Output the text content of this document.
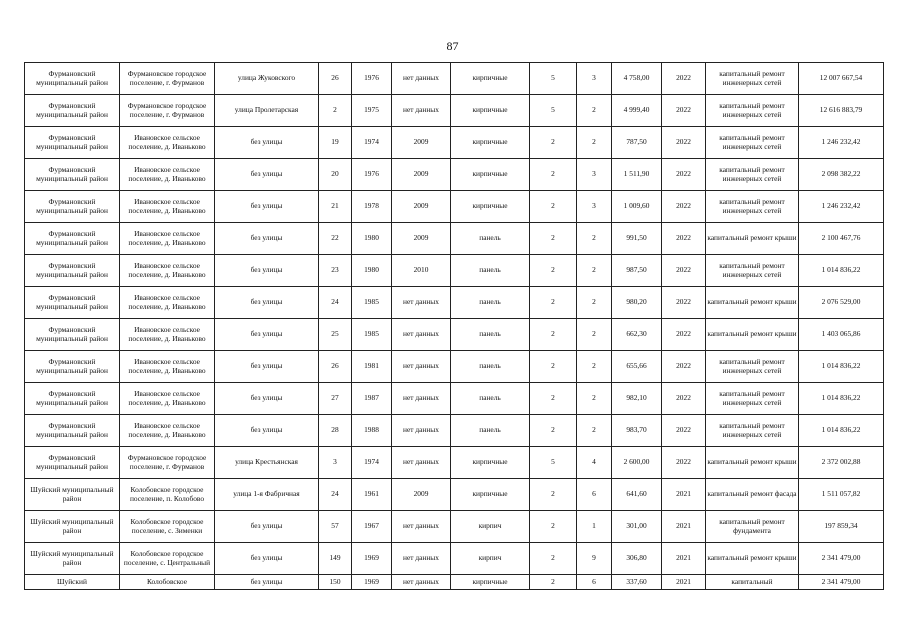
87
Фурмановский муниципальный район	Фурмановское городское поселение, г. Фурманов	улица Жуковского	26	1976	нет данных	кирпичные	5	3	4 758,00	2022	капитальный ремонт инженерных сетей	12 007 667,54
Фурмановский муниципальный район	Фурмановское городское поселение, г. Фурманов	улица Пролетарская	2	1975	нет данных	кирпичные	5	2	4 999,40	2022	капитальный ремонт инженерных сетей	12 616 883,79
Фурмановский муниципальный район	Ивановское сельское поселение, д. Иваньково	без улицы	19	1974	2009	кирпичные	2	2	787,50	2022	капитальный ремонт инженерных сетей	1 246 232,42
Фурмановский муниципальный район	Ивановское сельское поселение, д. Иваньково	без улицы	20	1976	2009	кирпичные	2	3	1 511,90	2022	капитальный ремонт инженерных сетей	2 098 382,22
Фурмановский муниципальный район	Ивановское сельское поселение, д. Иваньково	без улицы	21	1978	2009	кирпичные	2	3	1 009,60	2022	капитальный ремонт инженерных сетей	1 246 232,42
Фурмановский муниципальный район	Ивановское сельское поселение, д. Иваньково	без улицы	22	1980	2009	панель	2	2	991,50	2022	капитальный ремонт крыши	2 100 467,76
Фурмановский муниципальный район	Ивановское сельское поселение, д. Иваньково	без улицы	23	1980	2010	панель	2	2	987,50	2022	капитальный ремонт инженерных сетей	1 014 836,22
Фурмановский муниципальный район	Ивановское сельское поселение, д. Иваньково	без улицы	24	1985	нет данных	панель	2	2	980,20	2022	капитальный ремонт крыши	2 076 529,00
Фурмановский муниципальный район	Ивановское сельское поселение, д. Иваньково	без улицы	25	1985	нет данных	панель	2	2	662,30	2022	капитальный ремонт крыши	1 403 065,86
Фурмановский муниципальный район	Ивановское сельское поселение, д. Иваньково	без улицы	26	1981	нет данных	панель	2	2	655,66	2022	капитальный ремонт инженерных сетей	1 014 836,22
Фурмановский муниципальный район	Ивановское сельское поселение, д. Иваньково	без улицы	27	1987	нет данных	панель	2	2	982,10	2022	капитальный ремонт инженерных сетей	1 014 836,22
Фурмановский муниципальный район	Ивановское сельское поселение, д. Иваньково	без улицы	28	1988	нет данных	панель	2	2	983,70	2022	капитальный ремонт инженерных сетей	1 014 836,22
Фурмановский муниципальный район	Фурмановское городское поселение, г. Фурманов	улица Крестьянская	3	1974	нет данных	кирпичные	5	4	2 600,00	2022	капитальный ремонт крыши	2 372 002,88
Шуйский муниципальный район	Колобовское городское поселение, п. Колобово	улица 1-я Фабричная	24	1961	2009	кирпичные	2	6	641,60	2021	капитальный ремонт фасада	1 511 057,82
Шуйский муниципальный район	Колобовское городское поселение, с. Зименки	без улицы	57	1967	нет данных	кирпич	2	1	301,00	2021	капитальный ремонт фундамента	197 859,34
Шуйский муниципальный район	Колобовское городское поселение, с. Центральный	без улицы	149	1969	нет данных	кирпич	2	9	306,80	2021	капитальный ремонт крыши	2 341 479,00
Шуйский	Колобовское	без улицы	150	1969	нет данных	кирпичные	2	6	337,60	2021	капитальный	2 341 479,00
